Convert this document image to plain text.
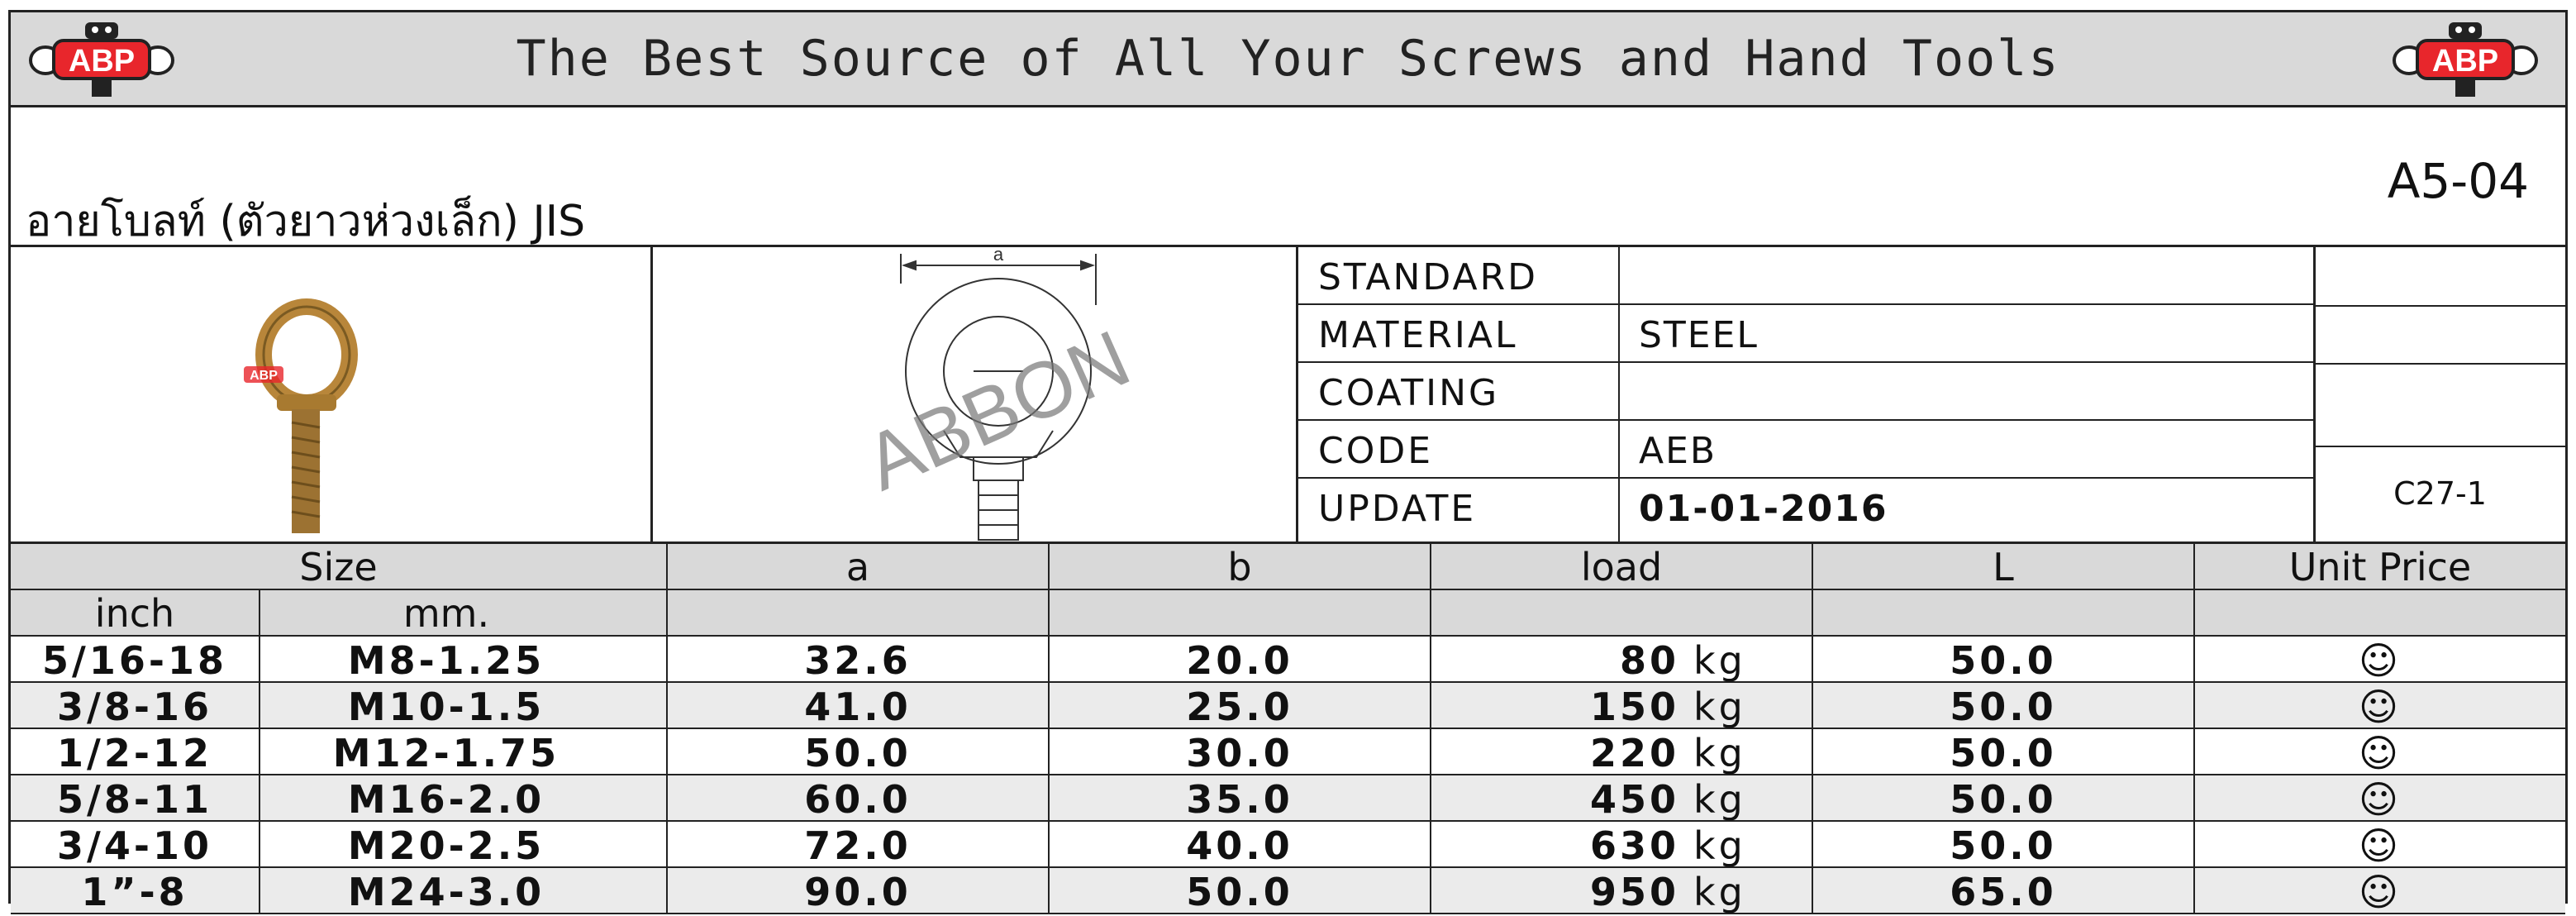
ABP	The Best Source of All Your Screws and Hand Tools	ABP
อายโบลท์ (ตัวยาวห่วงเล็ก) JIS
A5-04
ABP
a
ABBON
STANDARD
MATERIAL	STEEL
COATING
CODE	AEB
UPDATE	01-01-2016	C27-1
Size	a	b	load	L	Unit Price
inch	mm.
5/16-18	M8-1.25	32.6	20.0	80 kg	50.0	☺
3/8-16	M10-1.5	41.0	25.0	150 kg	50.0	☺
1/2-12	M12-1.75	50.0	30.0	220 kg	50.0	☺
5/8-11	M16-2.0	60.0	35.0	450 kg	50.0	☺
3/4-10	M20-2.5	72.0	40.0	630 kg	50.0	☺
1”-8	M24-3.0	90.0	50.0	950 kg	65.0	☺
